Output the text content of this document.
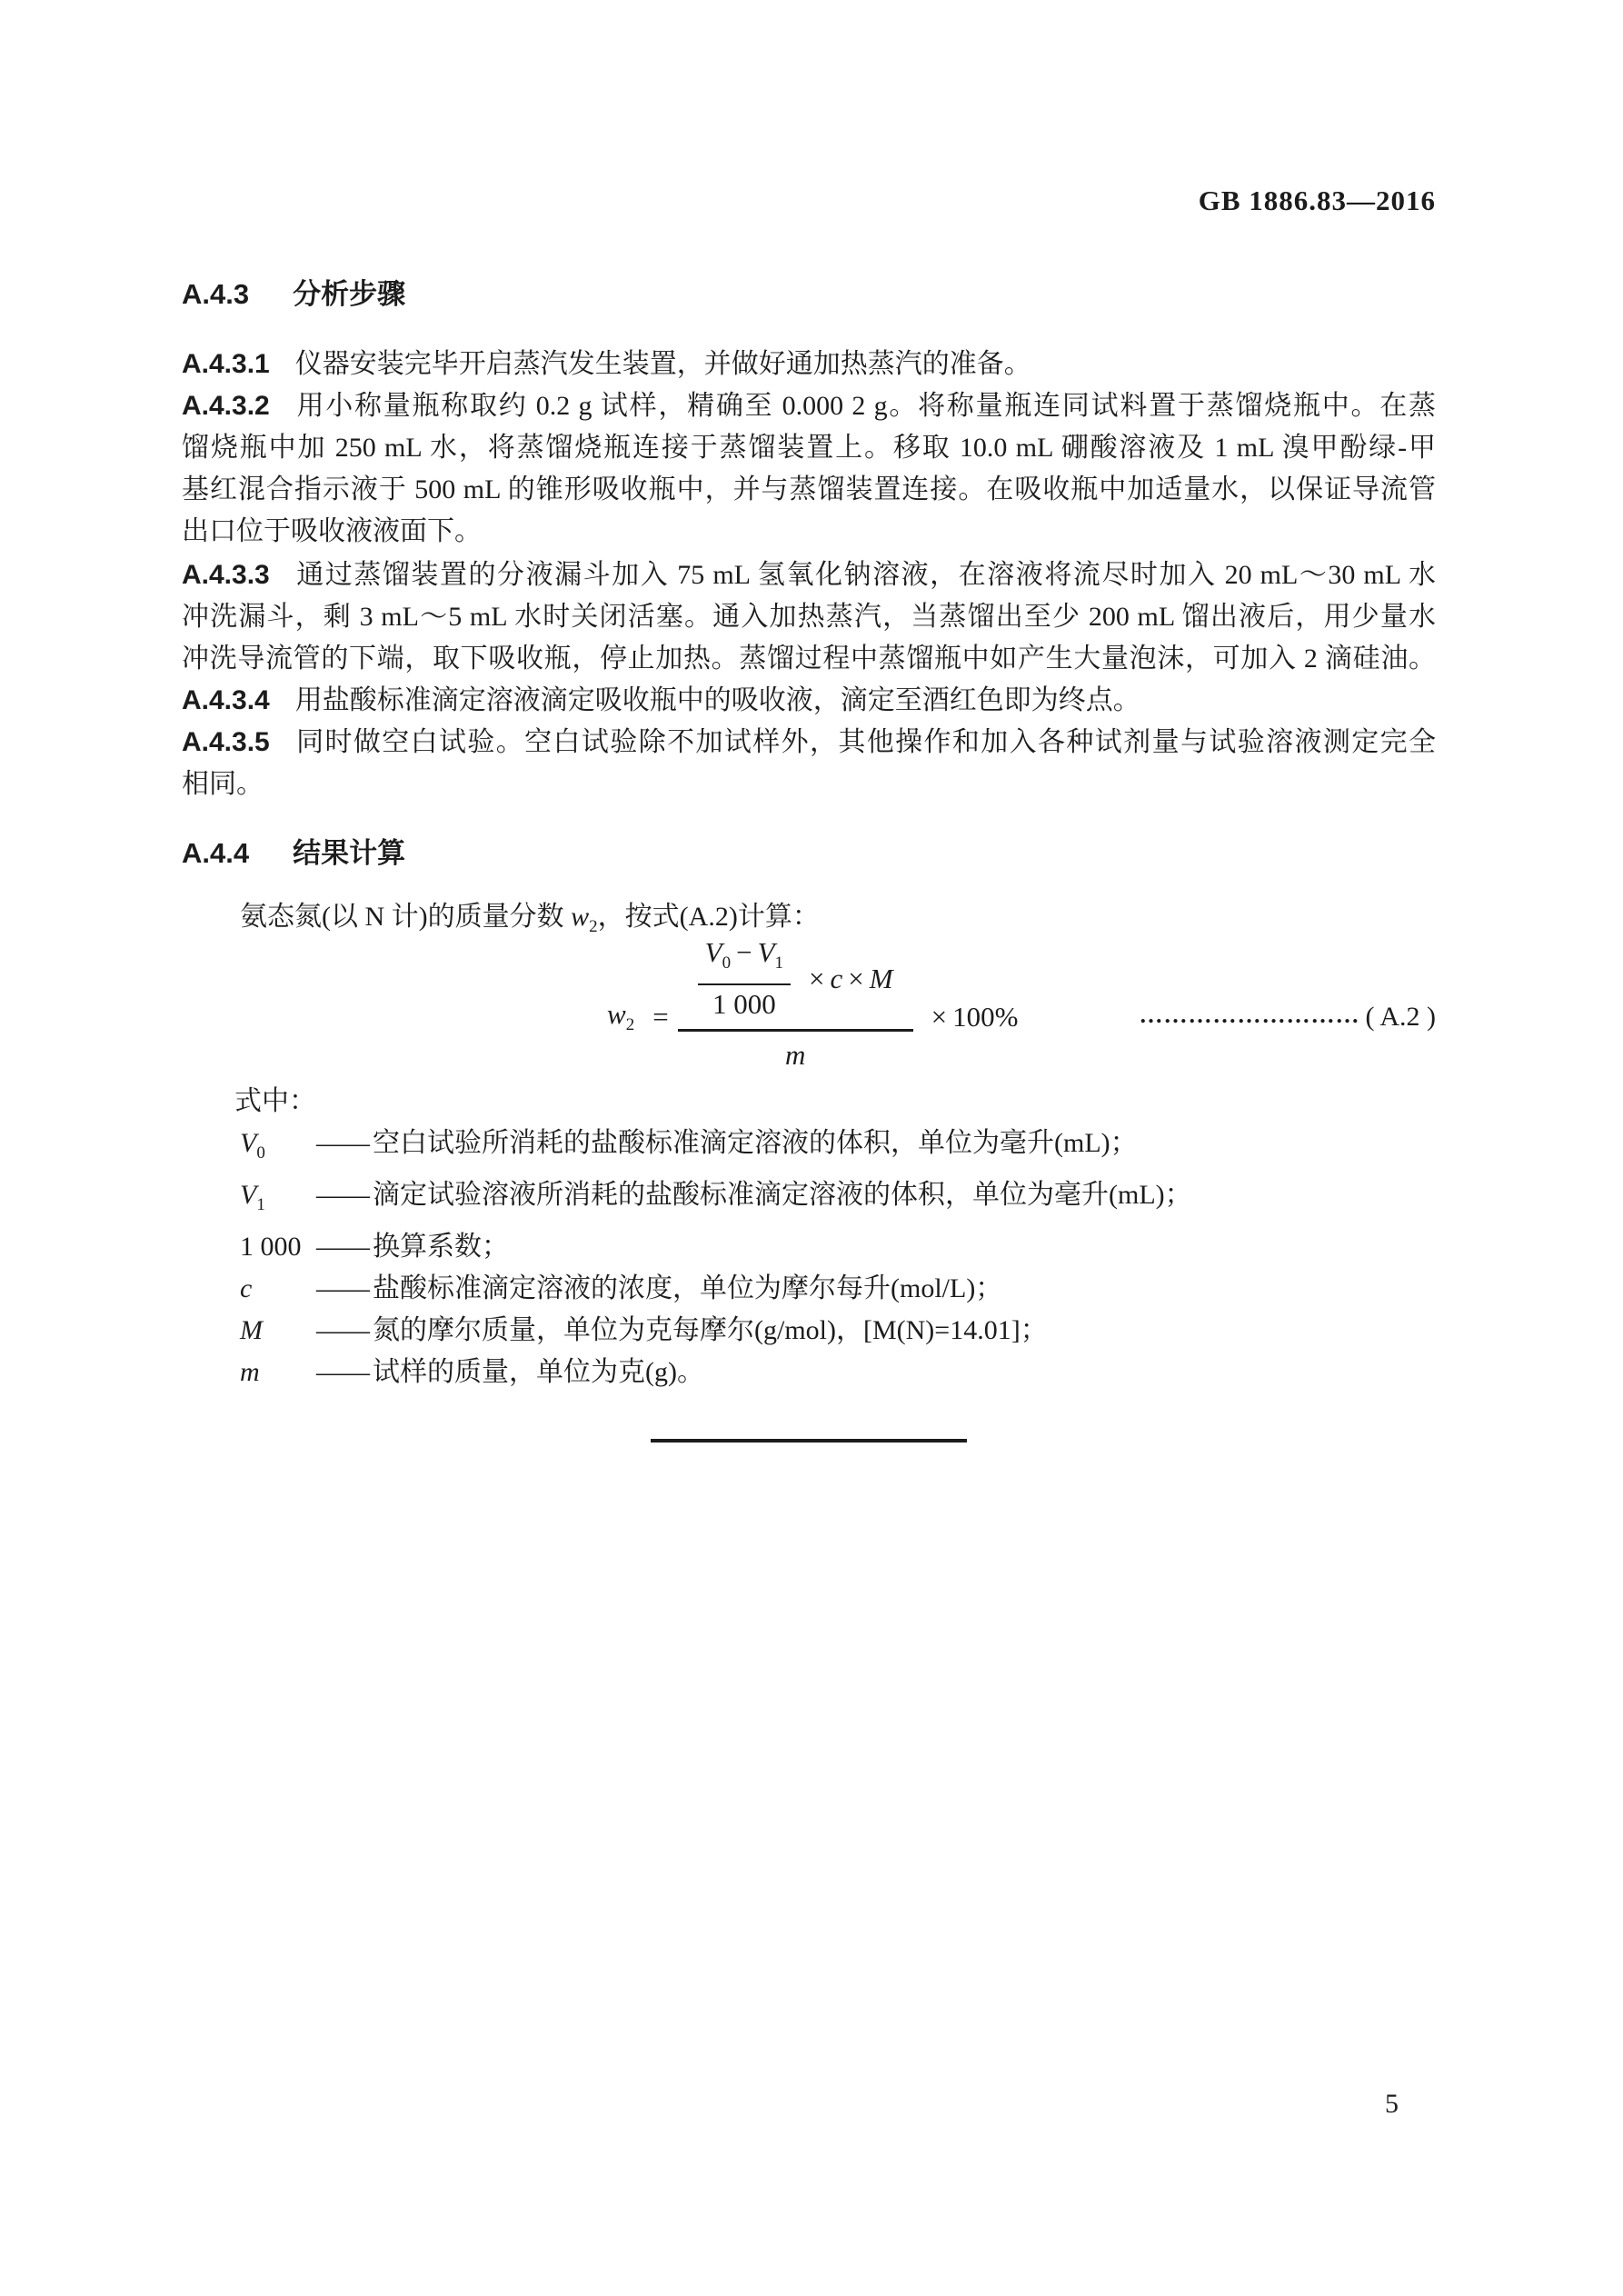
GB 1886.83—2016
A.4.3 分析步骤
A.4.3.1 仪器安装完毕开启蒸汽发生装置，并做好通加热蒸汽的准备。
A.4.3.2 用小称量瓶称取约 0.2 g 试样，精确至 0.000 2 g。将称量瓶连同试料置于蒸馏烧瓶中。在蒸
馏烧瓶中加 250 mL 水，将蒸馏烧瓶连接于蒸馏装置上。移取 10.0 mL 硼酸溶液及 1 mL 溴甲酚绿-甲
基红混合指示液于 500 mL 的锥形吸收瓶中，并与蒸馏装置连接。在吸收瓶中加适量水，以保证导流管
出口位于吸收液液面下。
A.4.3.3 通过蒸馏装置的分液漏斗加入 75 mL 氢氧化钠溶液，在溶液将流尽时加入 20 mL～30 mL 水
冲洗漏斗，剩 3 mL～5 mL 水时关闭活塞。通入加热蒸汽，当蒸馏出至少 200 mL 馏出液后，用少量水
冲洗导流管的下端，取下吸收瓶，停止加热。蒸馏过程中蒸馏瓶中如产生大量泡沫，可加入 2 滴硅油。
A.4.3.4 用盐酸标准滴定溶液滴定吸收瓶中的吸收液，滴定至酒红色即为终点。
A.4.3.5 同时做空白试验。空白试验除不加试样外，其他操作和加入各种试剂量与试验溶液测定完全
相同。
A.4.4 结果计算
氨态氮(以 N 计)的质量分数 $w_2$，按式(A.2)计算：
$w_2 = \frac{\frac{V_0 - V_1}{1 000} \times c \times M}{m} \times 100\%$	……………………… ( A.2 )
式中：
$V_0$	—— 空白试验所消耗的盐酸标准滴定溶液的体积，单位为毫升(mL)；
$V_1$	—— 滴定试验溶液所消耗的盐酸标准滴定溶液的体积，单位为毫升(mL)；
1 000 —— 换算系数；
c	—— 盐酸标准滴定溶液的浓度，单位为摩尔每升(mol/L)；
M	—— 氮的摩尔质量，单位为克每摩尔(g/mol)，[M(N)=14.01]；
m	—— 试样的质量，单位为克(g)。
5
